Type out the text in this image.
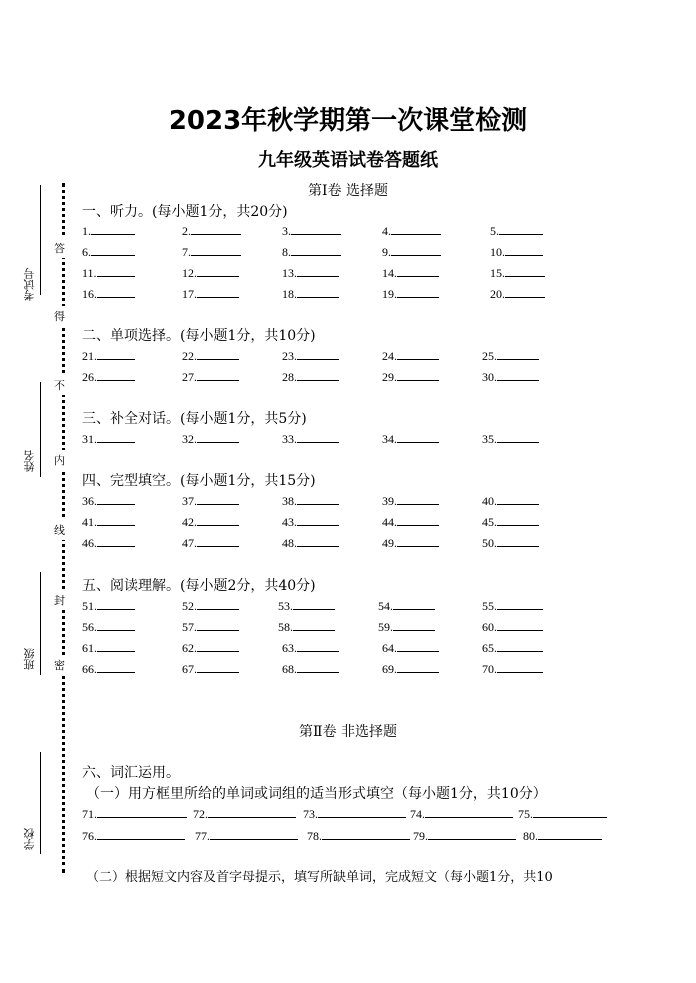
考试号
姓名
班级
学校
答
得
不
内
线
封
密
2023年秋学期第一次课堂检测
九年级英语试卷答题纸
第Ⅰ卷 选择题
一、听力。(每小题1分，共20分)
1.	2.	3.	4.	5.
6.	7.	8.	9.	10.
11.	12.	13.	14.	15.
16.	17.	18.	19.	20.
二、单项选择。(每小题1分，共10分)
21.	22.	23.	24.	25.
26.	27.	28.	29.	30.
三、补全对话。(每小题1分，共5分)
31.	32.	33.	34.	35.
四、完型填空。(每小题1分，共15分)
36.	37.	38.	39.	40.
41.	42.	43.	44.	45.
46.	47.	48.	49.	50.
五、阅读理解。(每小题2分，共40分)
51.	52.	53.	54.	55.
56.	57.	58.	59.	60.
61.	62.	63.	64.	65.
66.	67.	68.	69.	70.
第Ⅱ卷 非选择题
六、词汇运用。
（一）用方框里所给的单词或词组的适当形式填空（每小题1分，共10分）
71.	72.	73.	74.	75.
76.	77.	78.	79.	80.
（二）根据短文内容及首字母提示，填写所缺单词，完成短文（每小题1分，共10
